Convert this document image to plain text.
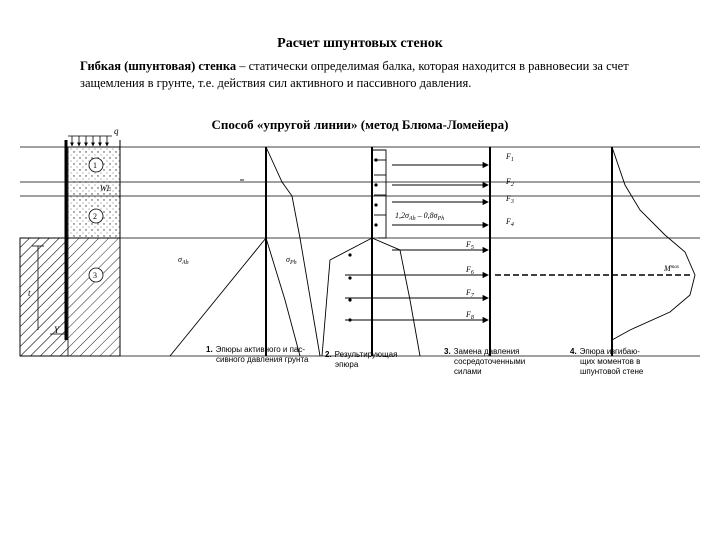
Расчет шпунтовых стенок
Гибкая (шпунтовая) стенка – статически определимая балка, которая находится в равновесии за счет защемления в грунте, т.е. действия сил активного и пассивного давления.
Способ «упругой линии» (метод Блюма-Ломейера)
q
1
2
3
WL
t
Y
$\sigma_{Ah}$	$\sigma_{Ph}$
$1,2\sigma_{Ah} - 0,8\sigma_{Ph}$
$F_1$
$F_2$
$F_3$
$F_4$
$F_5$
$F_6$
$F_7$
$F_8$
$M^{max}$
1. Эпюры активного и пас-
сивного давления грунта
2. Результирующая
эпюра
3. Замена давления
сосредоточенными
силами
4. Эпюра изгибаю-
щих моментов в
шпунтовой стене
